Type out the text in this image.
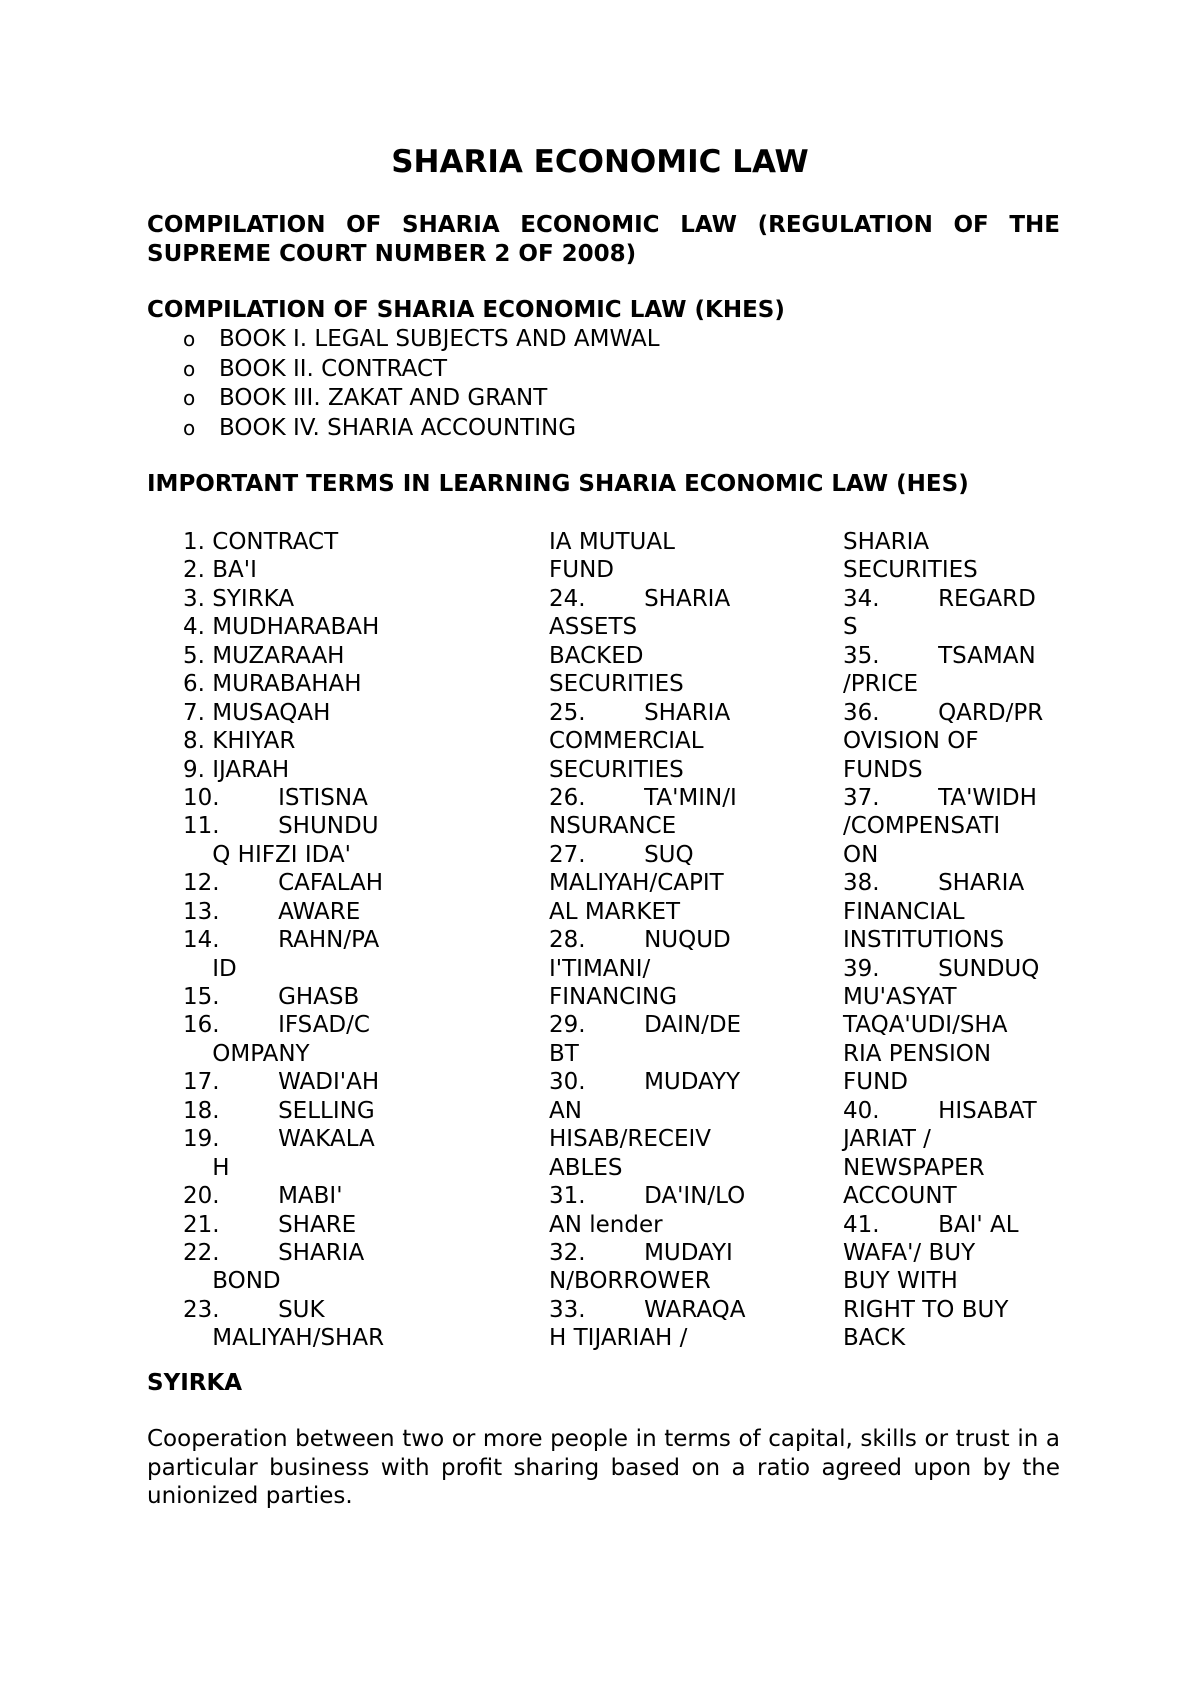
SHARIA ECONOMIC LAW
COMPILATION OF SHARIA ECONOMIC LAW (REGULATION OF THE SUPREME COURT NUMBER 2 OF 2008)
COMPILATION OF SHARIA ECONOMIC LAW (KHES)
o	BOOK I. LEGAL SUBJECTS AND AMWAL
o	BOOK II. CONTRACT
o	BOOK III. ZAKAT AND GRANT
o	BOOK IV. SHARIA ACCOUNTING
IMPORTANT TERMS IN LEARNING SHARIA ECONOMIC LAW (HES)
1. CONTRACT
2. BA'I
3. SYIRKA
4. MUDHARABAH
5. MUZARAAH
6. MURABAHAH
7. MUSAQAH
8. KHIYAR
9. IJARAH
10.        ISTISNA
11.        SHUNDU
Q HIFZI IDA'
12.        CAFALAH
13.        AWARE
14.        RAHN/PA
ID
15.        GHASB
16.        IFSAD/C
OMPANY
17.        WADI'AH
18.        SELLING
19.        WAKALA
H
20.        MABI'
21.        SHARE
22.        SHARIA
BOND
23.        SUK
MALIYAH/SHAR
IA MUTUAL
FUND
24.        SHARIA
ASSETS
BACKED
SECURITIES
25.        SHARIA
COMMERCIAL
SECURITIES
26.        TA'MIN/I
NSURANCE
27.        SUQ
MALIYAH/CAPIT
AL MARKET
28.        NUQUD
I'TIMANI/
FINANCING
29.        DAIN/DE
BT
30.        MUDAYY
AN
HISAB/RECEIV
ABLES
31.        DA'IN/LO
AN lender
32.        MUDAYI
N/BORROWER
33.        WARAQA
H TIJARIAH /
SHARIA
SECURITIES
34.        REGARD
S
35.        TSAMAN
/PRICE
36.        QARD/PR
OVISION OF
FUNDS
37.        TA'WIDH
/COMPENSATI
ON
38.        SHARIA
FINANCIAL
INSTITUTIONS
39.        SUNDUQ
MU'ASYAT
TAQA'UDI/SHA
RIA PENSION
FUND
40.        HISABAT
JARIAT /
NEWSPAPER
ACCOUNT
41.        BAI' AL
WAFA'/ BUY
BUY WITH
RIGHT TO BUY
BACK
SYIRKA
Cooperation between two or more people in terms of capital, skills or trust in a particular business with profit sharing based on a ratio agreed upon by the unionized parties.
